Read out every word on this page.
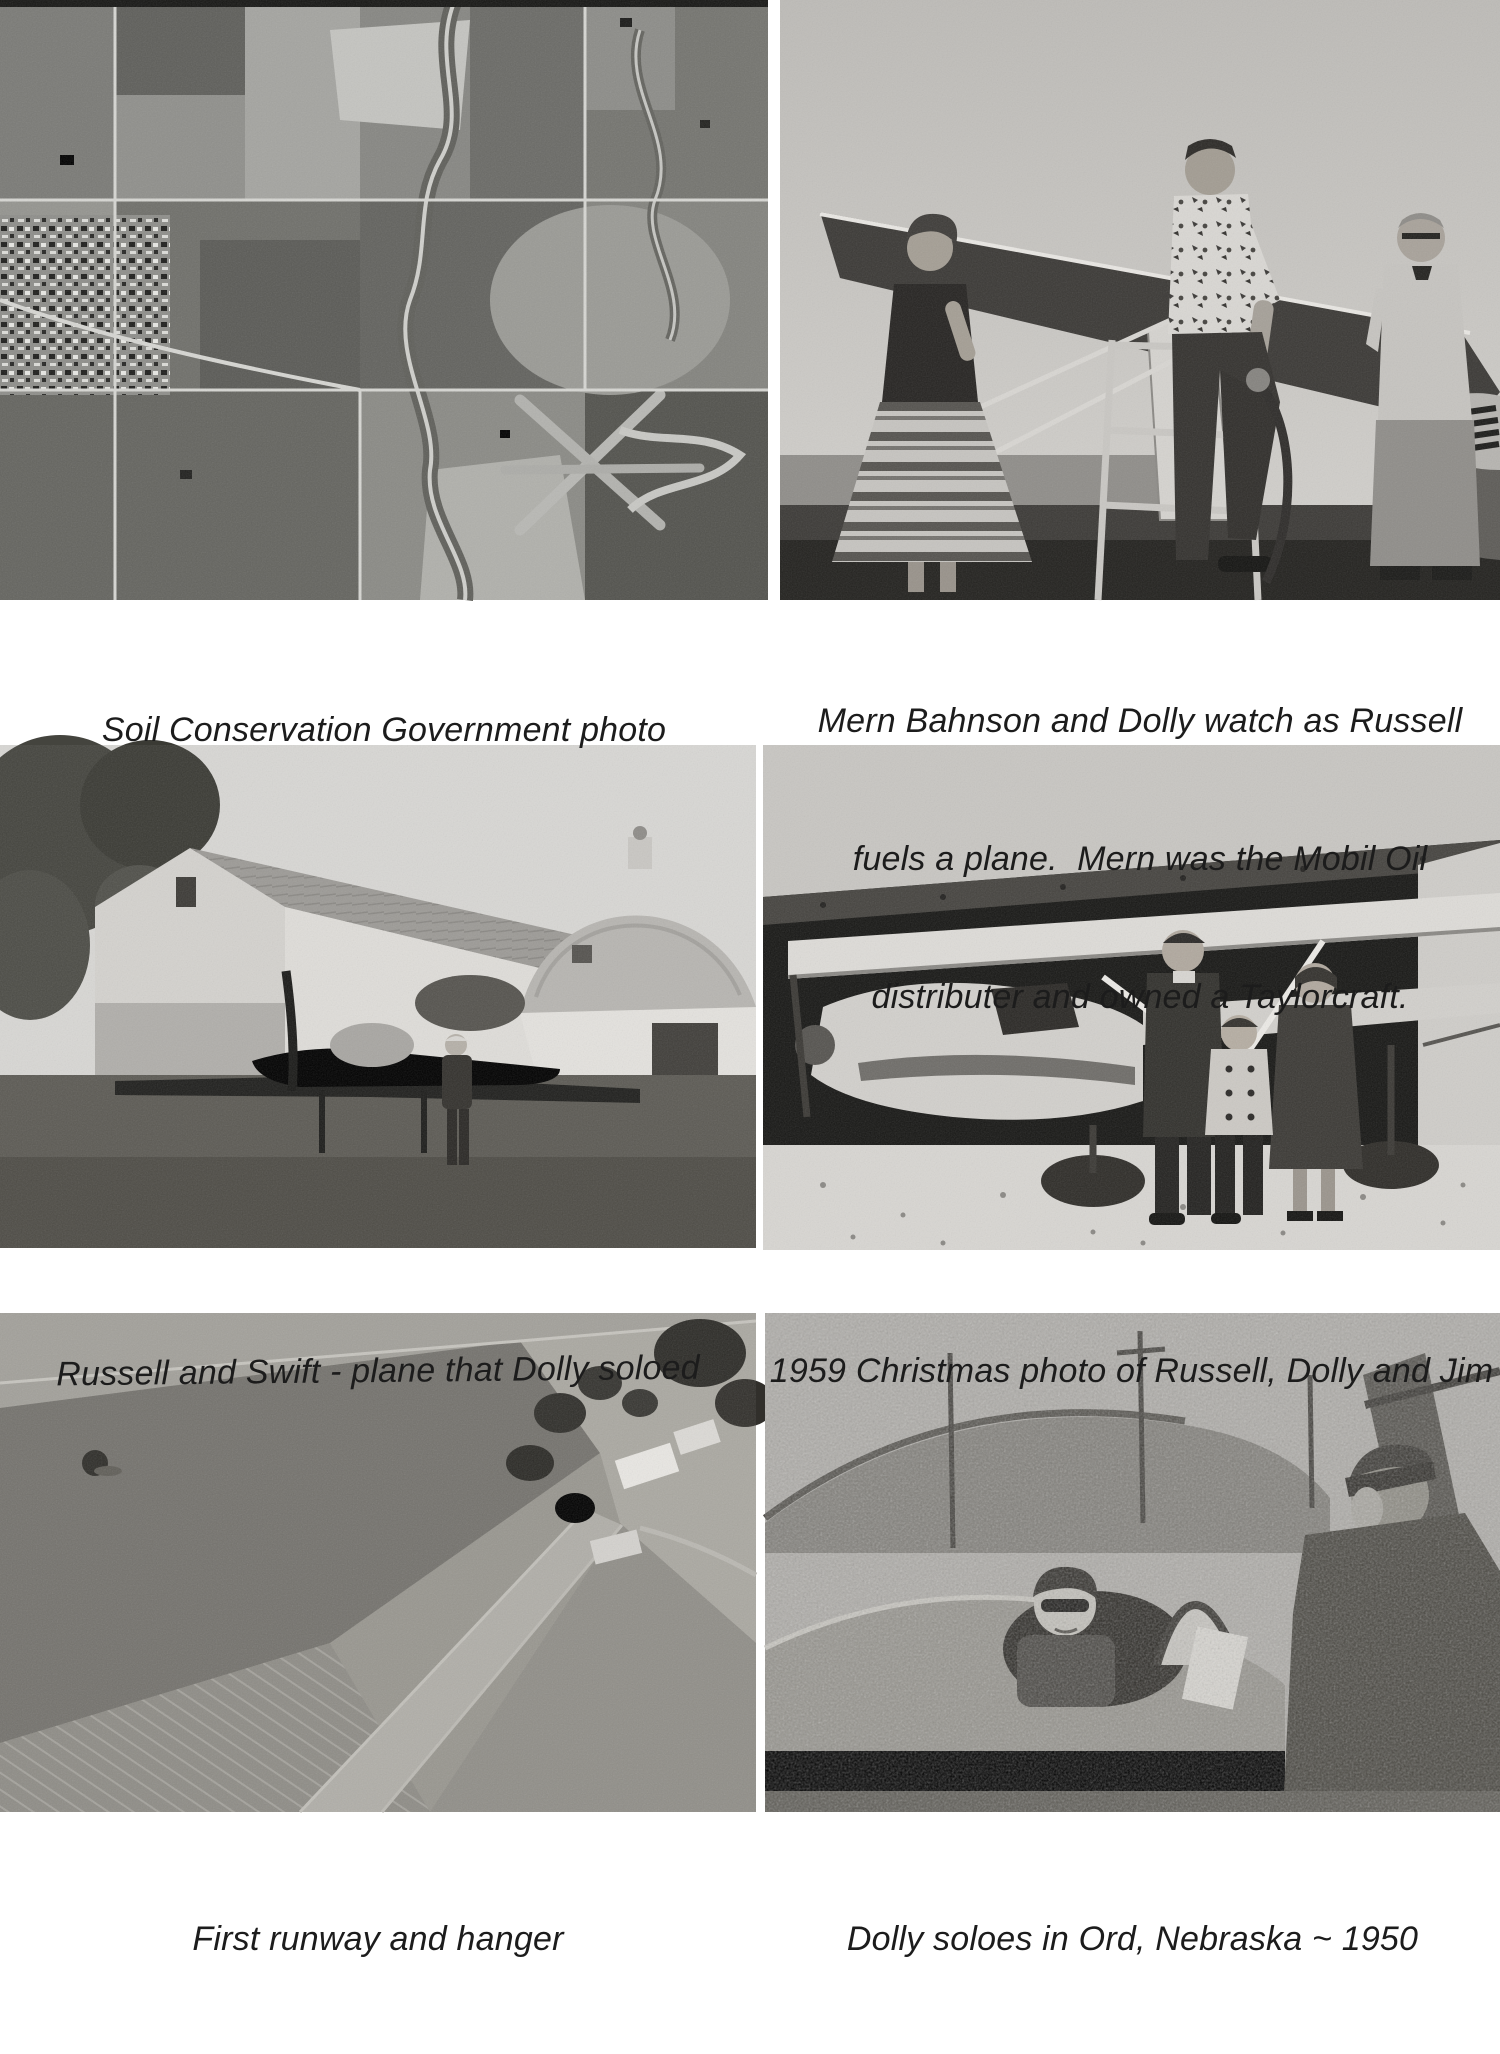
Soil Conservation Government photo

	Mern Bahnson and Dolly watch as Russell

fuels a plane.  Mern was the Mobil Oil

distributer and owned a Taylorcraft.

Russell and Swift - plane that Dolly soloed

	1959 Christmas photo of Russell, Dolly and Jim

First runway and hanger

	Dolly soloes in Ord, Nebraska ~ 1950
